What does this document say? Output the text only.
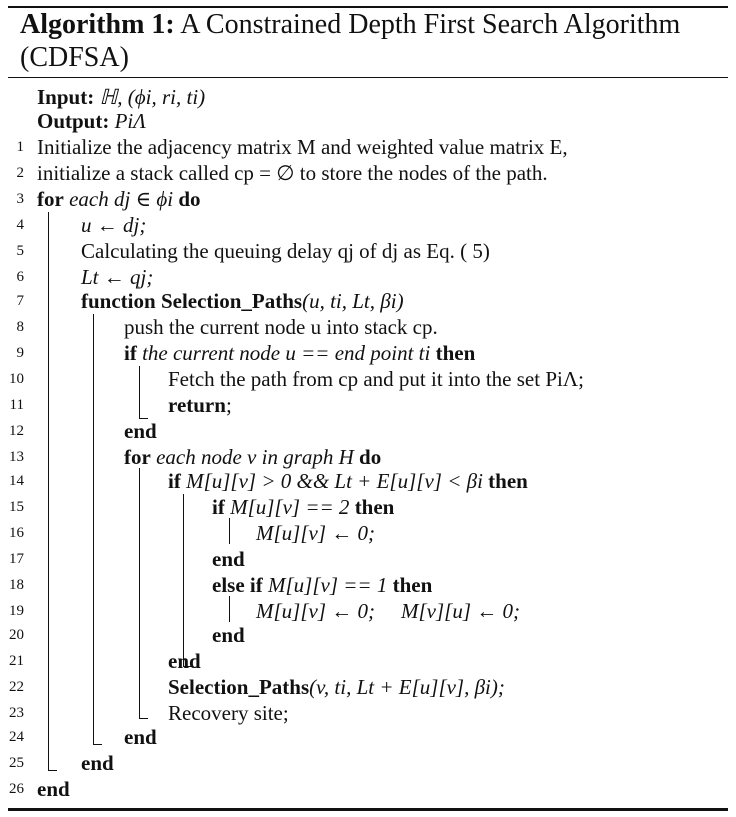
Algorithm 1: A Constrained Depth First Search Algorithm (CDFSA)
Input: ℍ, (ϕi, ri, ti)
Output: PiΛ
1 Initialize the adjacency matrix M and weighted value matrix E,
2 initialize a stack called cp = ∅ to store the nodes of the path.
3 for each dj ∈ ϕi do
4	u ← dj;
5	Calculating the queuing delay qj of dj as Eq. ( 5)
6	Lt ← qj;
7	function Selection_Paths(u, ti, Lt, βi)
8	push the current node u into stack cp.
9	if the current node u == end point ti then
10	Fetch the path from cp and put it into the set PiΛ;
11	return;
12	end
13	for each node v in graph H do
14	if M[u][v] > 0 && Lt + E[u][v] < βi then
15	if M[u][v] == 2 then
16	M[u][v] ← 0;
17	end
18	else if M[u][v] == 1 then
19	M[u][v] ← 0; M[v][u] ← 0;
20	end
21	end
22	Selection_Paths(v, ti, Lt + E[u][v], βi);
23	Recovery site;
24	end
25	end
26 end
